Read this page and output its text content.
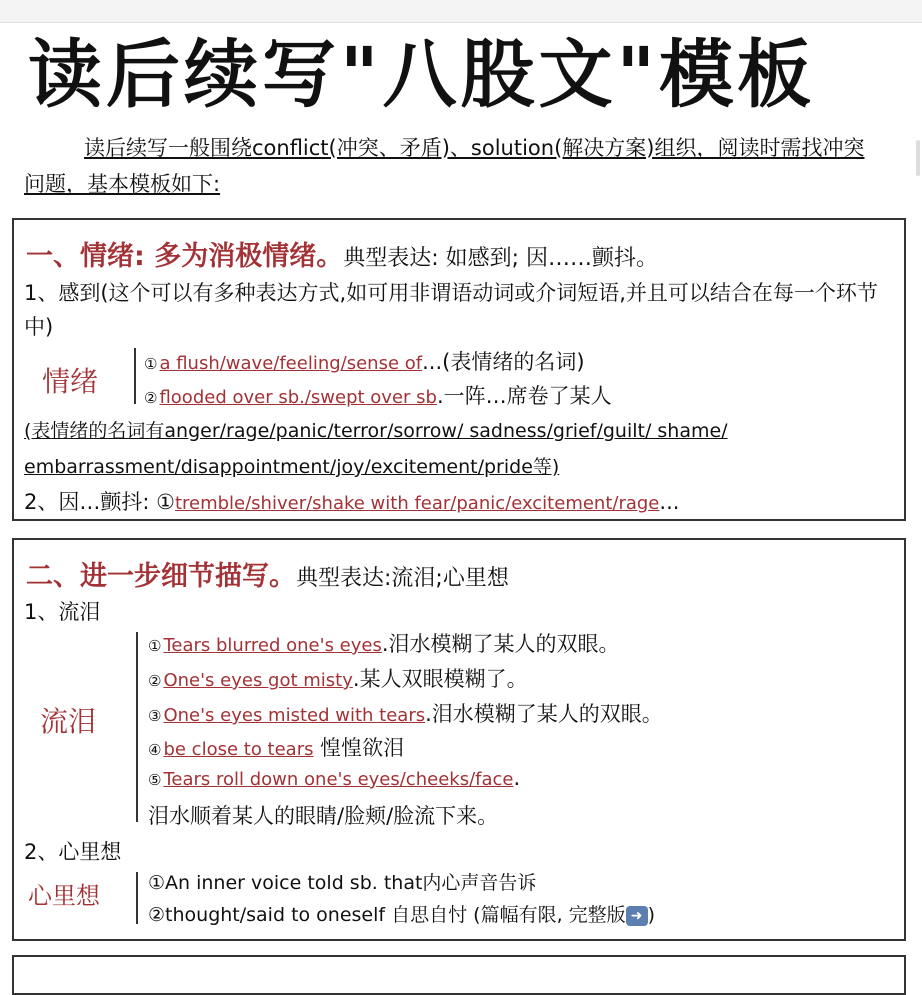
读后续写"八股文"模板
读后续写一般围绕conflict(冲突、矛盾)、solution(解决方案)组织，阅读时需找冲突问题，基本模板如下:
一、情绪: 多为消极情绪。典型表达: 如感到; 因……颤抖。
1、感到(这个可以有多种表达方式,如可用非谓语动词或介词短语,并且可以结合在每一个环节中)
情绪
① a flush/wave/feeling/sense of...(表情绪的名词)
② flooded over sb./swept over sb.一阵…席卷了某人
(表情绪的名词有anger/rage/panic/terror/sorrow/ sadness/grief/guilt/ shame/
embarrassment/disappointment/joy/excitement/pride等)
2、因…颤抖: ①tremble/shiver/shake with fear/panic/excitement/rage...
二、进一步细节描写。典型表达:流泪;心里想
1、流泪
流泪
① Tears blurred one's eyes.泪水模糊了某人的双眼。
② One's eyes got misty.某人双眼模糊了。
③ One's eyes misted with tears.泪水模糊了某人的双眼。
④ be close to tears 惶惶欲泪
⑤ Tears roll down one's eyes/cheeks/face.
泪水顺着某人的眼睛/脸颊/脸流下来。
2、心里想
心里想	①An inner voice told sb. that内心声音告诉
②thought/said to oneself 自思自忖 (篇幅有限, 完整版 ➜ )
